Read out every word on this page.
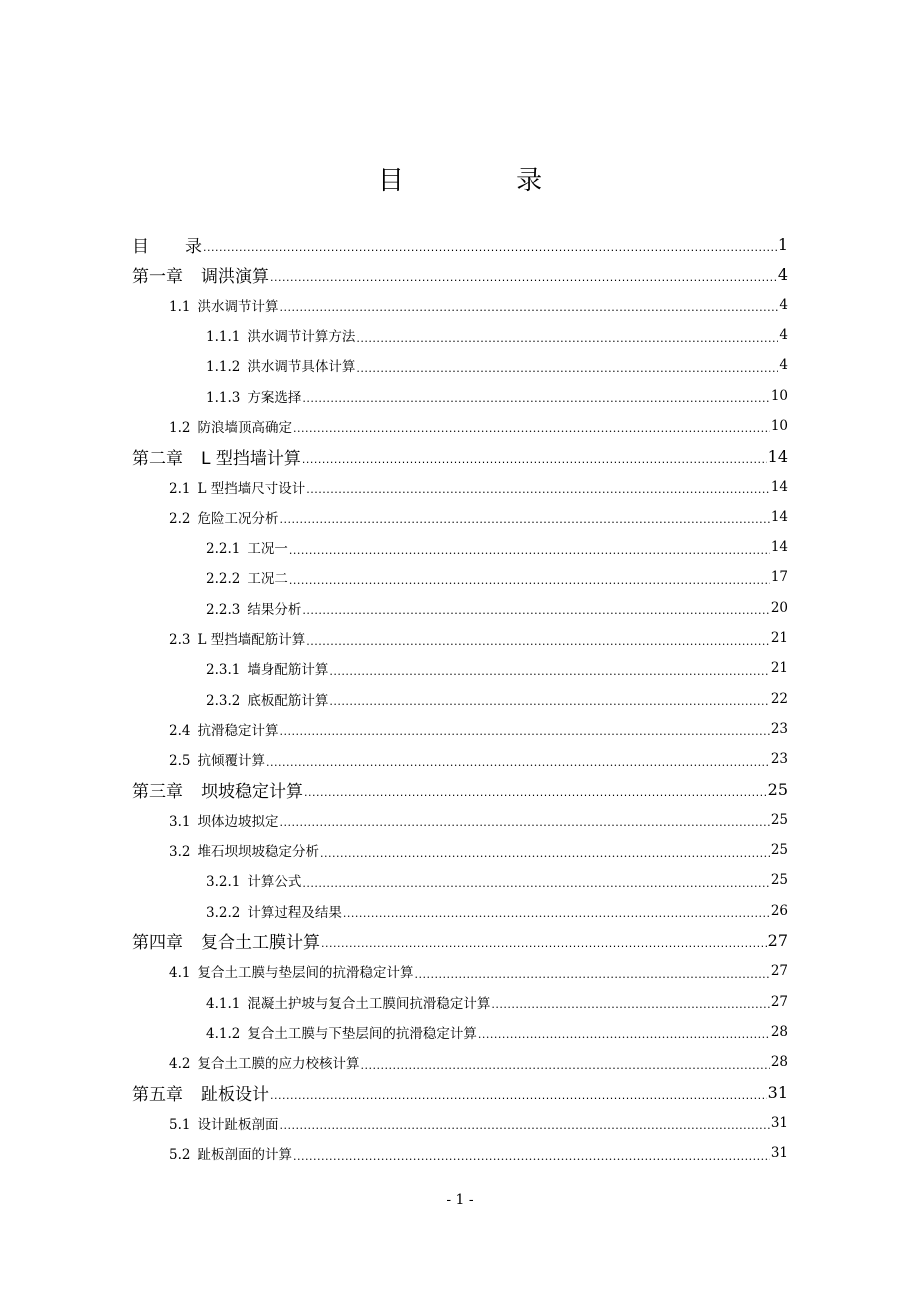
目 录
目 录 .....	1
第一章 调洪演算 .....	4
1.1 洪水调节计算 .....	4
1.1.1 洪水调节计算方法 .....	4
1.1.2 洪水调节具体计算 .....	4
1.1.3 方案选择 .....	10
1.2 防浪墙顶高确定 .....	10
第二章 L 型挡墙计算 .....	14
2.1 L 型挡墙尺寸设计 .....	14
2.2 危险工况分析 .....	14
2.2.1 工况一 .....	14
2.2.2 工况二 .....	17
2.2.3 结果分析 .....	20
2.3 L 型挡墙配筋计算 .....	21
2.3.1 墙身配筋计算 .....	21
2.3.2 底板配筋计算 .....	22
2.4 抗滑稳定计算 .....	23
2.5 抗倾覆计算 .....	23
第三章 坝坡稳定计算 .....	25
3.1 坝体边坡拟定 .....	25
3.2 堆石坝坝坡稳定分析 .....	25
3.2.1 计算公式 .....	25
3.2.2 计算过程及结果 .....	26
第四章 复合土工膜计算 .....	27
4.1 复合土工膜与垫层间的抗滑稳定计算 .....	27
4.1.1 混凝土护坡与复合土工膜间抗滑稳定计算 .....	27
4.1.2 复合土工膜与下垫层间的抗滑稳定计算 .....	28
4.2 复合土工膜的应力校核计算 .....	28
第五章 趾板设计 .....	31
5.1 设计趾板剖面 .....	31
5.2 趾板剖面的计算 .....	31
- 1 -
